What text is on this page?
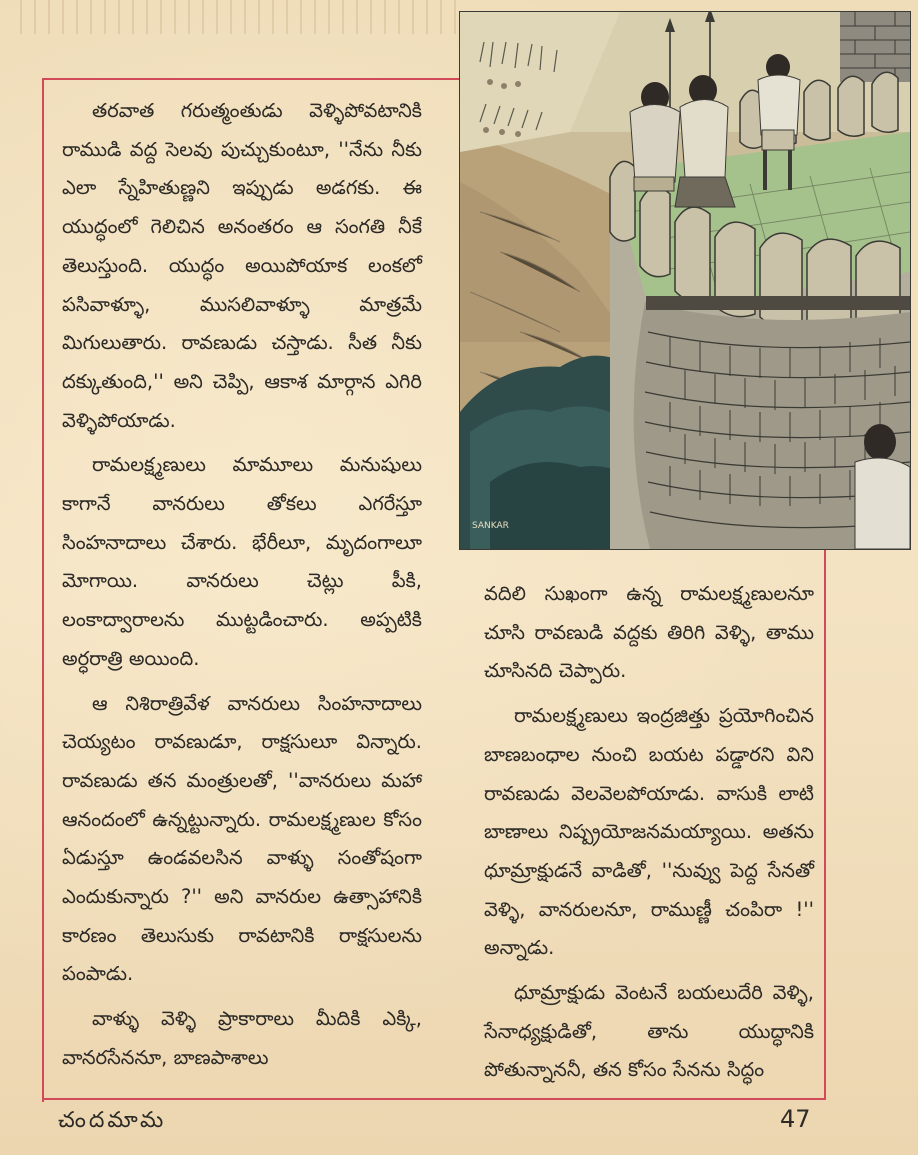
SANKAR

తరవాత గరుత్మంతుడు వెళ్ళిపోవటానికి రాముడి వద్ద సెలవు పుచ్చుకుంటూ, ''నేను నీకు ఎలా స్నేహితుణ్ణని ఇప్పుడు అడగకు. ఈ యుద్ధంలో గెలిచిన అనంతరం ఆ సంగతి నీకే తెలుస్తుంది. యుద్ధం అయిపోయాక లంకలో పసివాళ్ళూ, ముసలివాళ్ళూ మాత్రమే మిగులుతారు. రావణుడు చస్తాడు. సీత నీకు దక్కుతుంది,'' అని చెప్పి, ఆకాశ మార్గాన ఎగిరి వెళ్ళిపోయాడు.

రామలక్ష్మణులు మామూలు మనుషులు కాగానే వానరులు తోకలు ఎగరేస్తూ సింహనాదాలు చేశారు. భేరీలూ, మృదంగాలూ మోగాయి. వానరులు చెట్లు పీకి, లంకాద్వారాలను ముట్టడించారు. అప్పటికి అర్ధరాత్రి అయింది.

ఆ నిశిరాత్రివేళ వానరులు సింహనాదాలు చెయ్యటం రావణుడూ, రాక్షసులూ విన్నారు. రావణుడు తన మంత్రులతో, ''వానరులు మహా ఆనందంలో ఉన్నట్టున్నారు. రామలక్ష్మణుల కోసం ఏడుస్తూ ఉండవలసిన వాళ్ళు సంతోషంగా ఎందుకున్నారు ?'' అని వానరుల ఉత్సాహానికి కారణం తెలుసుకు రావటానికి రాక్షసులను పంపాడు.

వాళ్ళు వెళ్ళి ప్రాకారాలు మీదికి ఎక్కి, వానరసేననూ, బాణపాశాలు

వదిలి సుఖంగా ఉన్న రామలక్ష్మణులనూ చూసి రావణుడి వద్దకు తిరిగి వెళ్ళి, తాము చూసినది చెప్పారు.

రామలక్ష్మణులు ఇంద్రజిత్తు ప్రయోగించిన బాణబంధాల నుంచి బయట పడ్డారని విని రావణుడు వెలవెలపోయాడు. వాసుకి లాటి బాణాలు నిష్ప్రయోజనమయ్యాయి. అతను ధూమ్రాక్షుడనే వాడితో, ''నువ్వు పెద్ద సేనతో వెళ్ళి, వానరులనూ, రాముణ్ణీ చంపిరా !'' అన్నాడు.

ధూమ్రాక్షుడు వెంటనే బయలుదేరి వెళ్ళి, సేనాధ్యక్షుడితో, తాను యుద్ధానికి పోతున్నాననీ, తన కోసం సేనను సిద్ధం

చందమామ	47
